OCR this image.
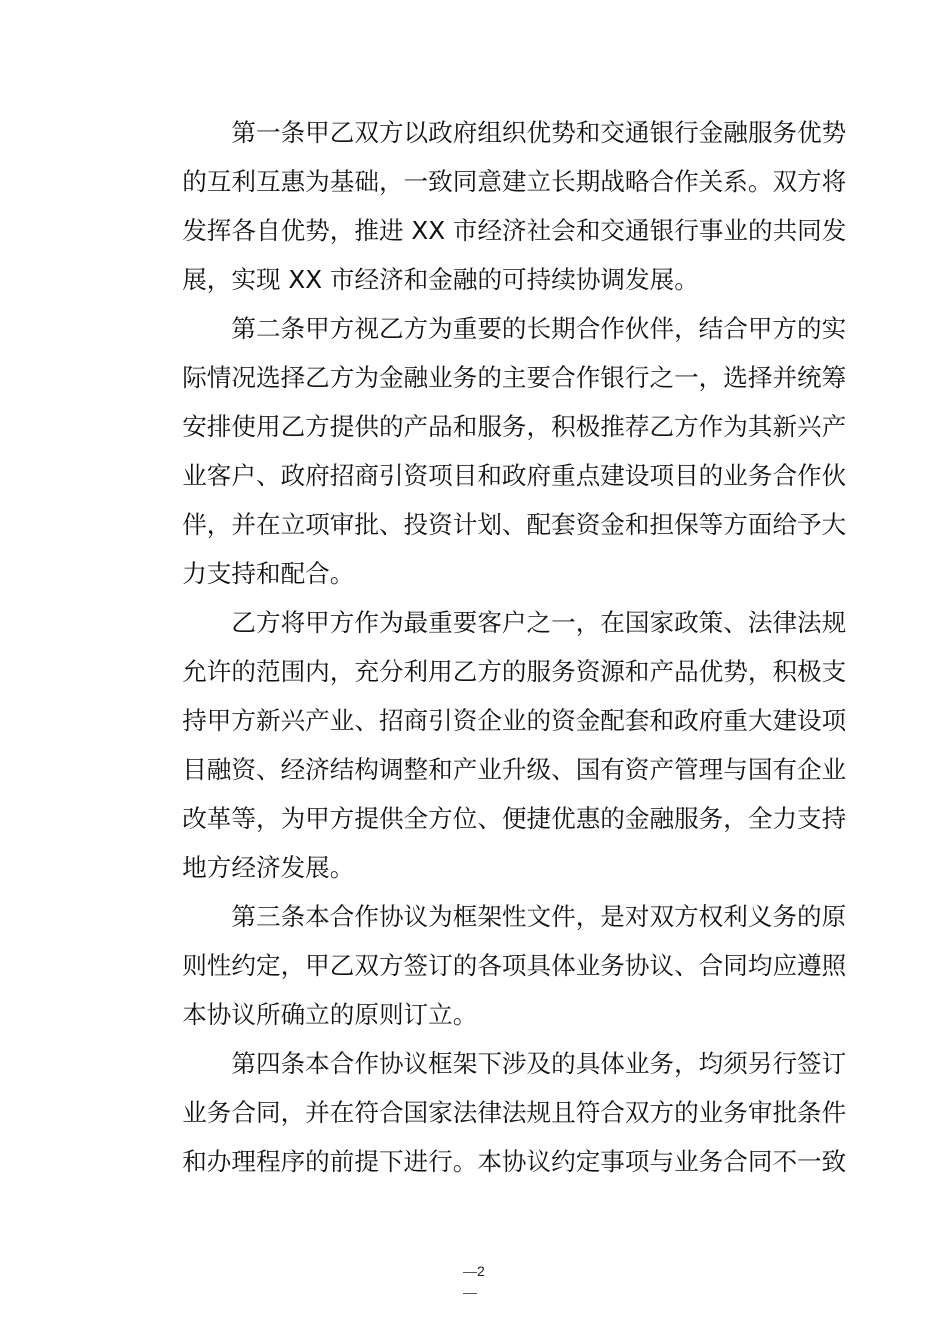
第一条甲乙双方以政府组织优势和交通银行金融服务优势
的互利互惠为基础，一致同意建立长期战略合作关系。双方将
发挥各自优势，推进 XX 市经济社会和交通银行事业的共同发
展，实现 XX 市经济和金融的可持续协调发展。
第二条甲方视乙方为重要的长期合作伙伴，结合甲方的实
际情况选择乙方为金融业务的主要合作银行之一，选择并统筹
安排使用乙方提供的产品和服务，积极推荐乙方作为其新兴产
业客户、政府招商引资项目和政府重点建设项目的业务合作伙
伴，并在立项审批、投资计划、配套资金和担保等方面给予大
力支持和配合。
乙方将甲方作为最重要客户之一，在国家政策、法律法规
允许的范围内，充分利用乙方的服务资源和产品优势，积极支
持甲方新兴产业、招商引资企业的资金配套和政府重大建设项
目融资、经济结构调整和产业升级、国有资产管理与国有企业
改革等，为甲方提供全方位、便捷优惠的金融服务，全力支持
地方经济发展。
第三条本合作协议为框架性文件，是对双方权利义务的原
则性约定，甲乙双方签订的各项具体业务协议、合同均应遵照
本协议所确立的原则订立。
第四条本合作协议框架下涉及的具体业务，均须另行签订
业务合同，并在符合国家法律法规且符合双方的业务审批条件
和办理程序的前提下进行。本协议约定事项与业务合同不一致
2
